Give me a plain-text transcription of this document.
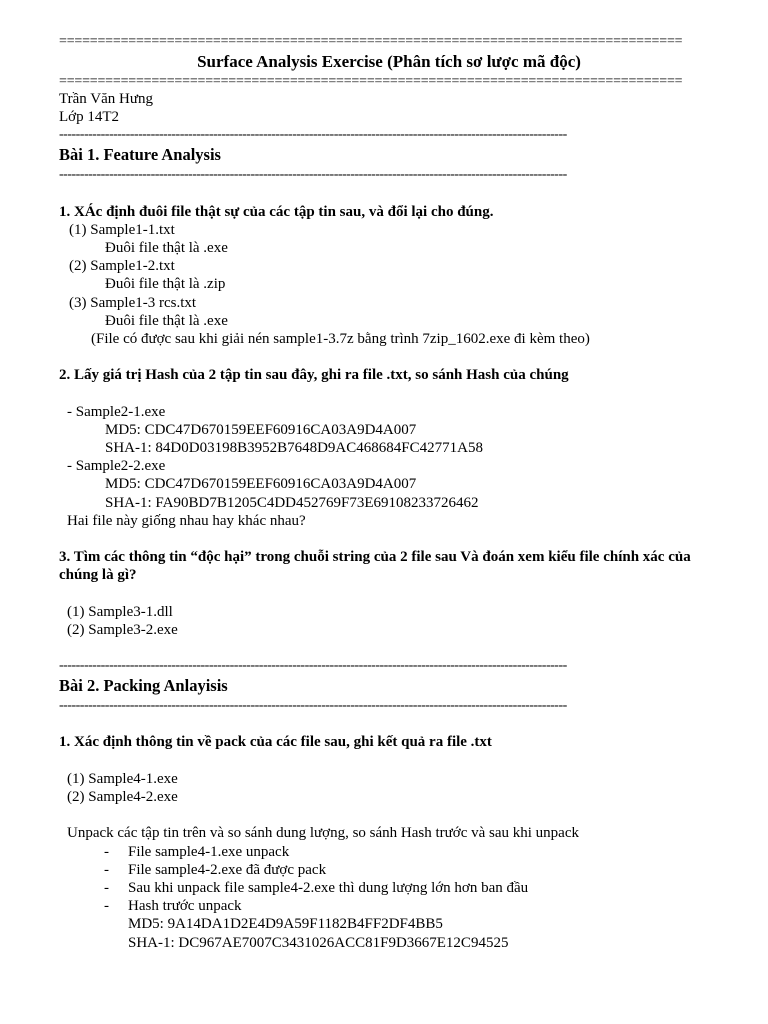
=================================================================================
Surface Analysis Exercise (Phân tích sơ lược mã độc)
=================================================================================
Trần Văn Hưng
Lớp 14T2
--------------------------------------------------------------------------------------------------------------------------
Bài 1. Feature Analysis
--------------------------------------------------------------------------------------------------------------------------
1. XÁc định đuôi file thật sự của các tập tin sau, và đổi lại cho đúng.
(1) Sample1-1.txt
Đuôi file thật là .exe
(2) Sample1-2.txt
Đuôi file thật là .zip
(3) Sample1-3 rcs.txt
Đuôi file thật là .exe
(File có được sau khi giải nén sample1-3.7z bằng trình 7zip_1602.exe đi kèm theo)
2. Lấy giá trị Hash của 2 tập tin sau đây, ghi ra file .txt, so sánh Hash của chúng
- Sample2-1.exe
MD5: CDC47D670159EEF60916CA03A9D4A007
SHA-1: 84D0D03198B3952B7648D9AC468684FC42771A58
- Sample2-2.exe
MD5: CDC47D670159EEF60916CA03A9D4A007
SHA-1: FA90BD7B1205C4DD452769F73E69108233726462
Hai file này giống nhau hay khác nhau?
3. Tìm các thông tin “độc hại” trong chuỗi string của 2 file sau Và đoán xem kiểu file chính xác của chúng là gì?
(1) Sample3-1.dll
(2) Sample3-2.exe
--------------------------------------------------------------------------------------------------------------------------
Bài 2. Packing Anlayisis
--------------------------------------------------------------------------------------------------------------------------
1. Xác định thông tin về pack của các file sau, ghi kết quả ra file .txt
(1) Sample4-1.exe
(2) Sample4-2.exe
Unpack các tập tin trên và so sánh dung lượng, so sánh Hash trước và sau khi unpack
-	File sample4-1.exe unpack
-	File sample4-2.exe đã được pack
-	Sau khi unpack file sample4-2.exe thì dung lượng lớn hơn ban đầu
-	Hash trước unpack
MD5: 9A14DA1D2E4D9A59F1182B4FF2DF4BB5
SHA-1: DC967AE7007C3431026ACC81F9D3667E12C94525
